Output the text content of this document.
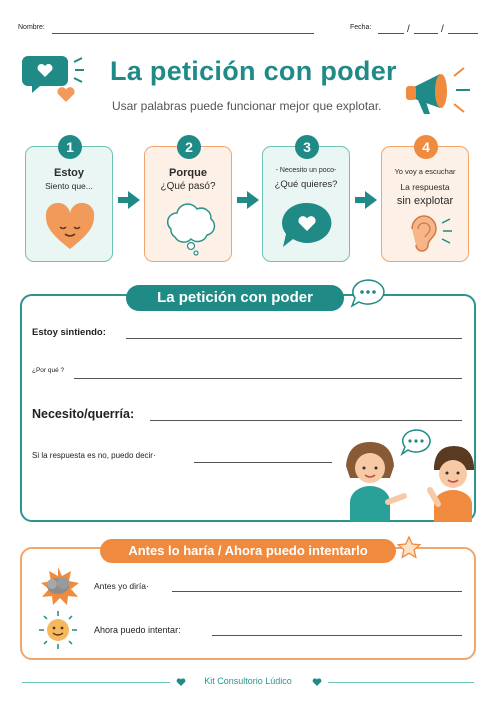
Nombre:	Fecha:	/	/
La petición con poder
Usar palabras puede funcionar mejor que explotar.
1
Estoy
Siento que...
2
Porque
¿Qué pasó?
3
- Necesito un poco-
¿Qué quieres?
4
Yo voy a escuchar
La respuesta
sin explotar
La petición con poder
Estoy sintiendo:
¿Por qué ?
Necesito/querría:
Si la respuesta es no, puedo decir·
Antes lo haría / Ahora puedo intentarlo
Antes yo diría·
Ahora puedo intentar:
Kit Consultorio Lúdico
